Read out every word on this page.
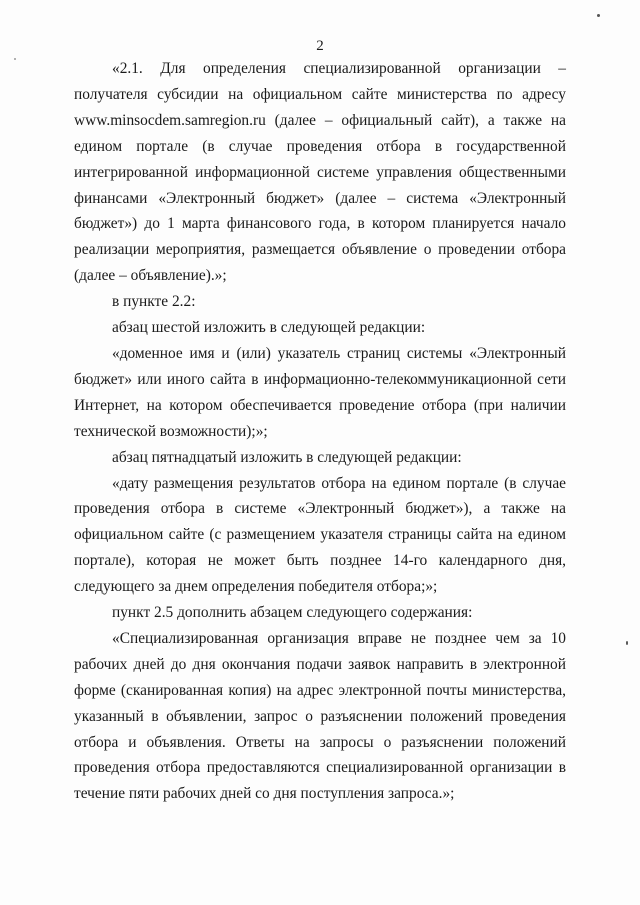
2

«2.1. Для определения специализированной организации – получателя субсидии на официальном сайте министерства по адресу www.minsocdem.samregion.ru (далее – официальный сайт), а также на едином портале (в случае проведения отбора в государственной интегрированной информационной системе управления общественными финансами «Электронный бюджет» (далее – система «Электронный бюджет») до 1 марта финансового года, в котором планируется начало реализации мероприятия, размещается объявление о проведении отбора (далее – объявление).»;

в пункте 2.2:

абзац шестой изложить в следующей редакции:

«доменное имя и (или) указатель страниц системы «Электронный бюджет» или иного сайта в информационно-телекоммуникационной сети Интернет, на котором обеспечивается проведение отбора (при наличии технической возможности);»;

абзац пятнадцатый изложить в следующей редакции:

«дату размещения результатов отбора на едином портале (в случае проведения отбора в системе «Электронный бюджет»), а также на официальном сайте (с размещением указателя страницы сайта на едином портале), которая не может быть позднее 14-го календарного дня, следующего за днем определения победителя отбора;»;

пункт 2.5 дополнить абзацем следующего содержания:

«Специализированная организация вправе не позднее чем за 10 рабочих дней до дня окончания подачи заявок направить в электронной форме (сканированная копия) на адрес электронной почты министерства, указанный в объявлении, запрос о разъяснении положений проведения отбора и объявления. Ответы на запросы о разъяснении положений проведения отбора предоставляются специализированной организации в течение пяти рабочих дней со дня поступления запроса.»;
